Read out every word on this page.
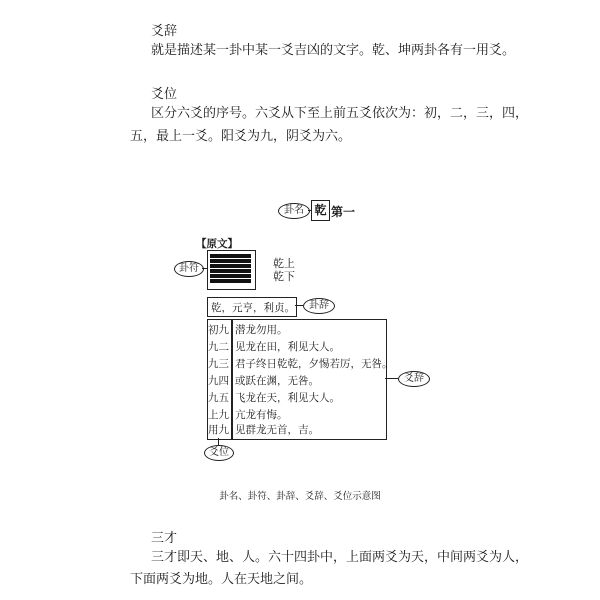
爻辞
就是描述某一卦中某一爻吉凶的文字。乾、坤两卦各有一用爻。
爻位
区分六爻的序号。六爻从下至上前五爻依次为：初，二，三，四，
五，最上一爻。阳爻为九，阴爻为六。
卦名 乾 第一
【原文】
卦符	乾上
乾下
乾，元亨，利贞。	卦辞
初九 潜龙勿用。
九二 见龙在田，利见大人。
九三 君子终日乾乾，夕惕若厉，无咎。
九四 或跃在渊，无咎。
九五 飞龙在天，利见大人。
上九 亢龙有悔。
用九 见群龙无首，吉。
爻辞
爻位
卦名、卦符、卦辞、爻辞、爻位示意图
三才
三才即天、地、人。六十四卦中，上面两爻为天，中间两爻为人，
下面两爻为地。人在天地之间。
